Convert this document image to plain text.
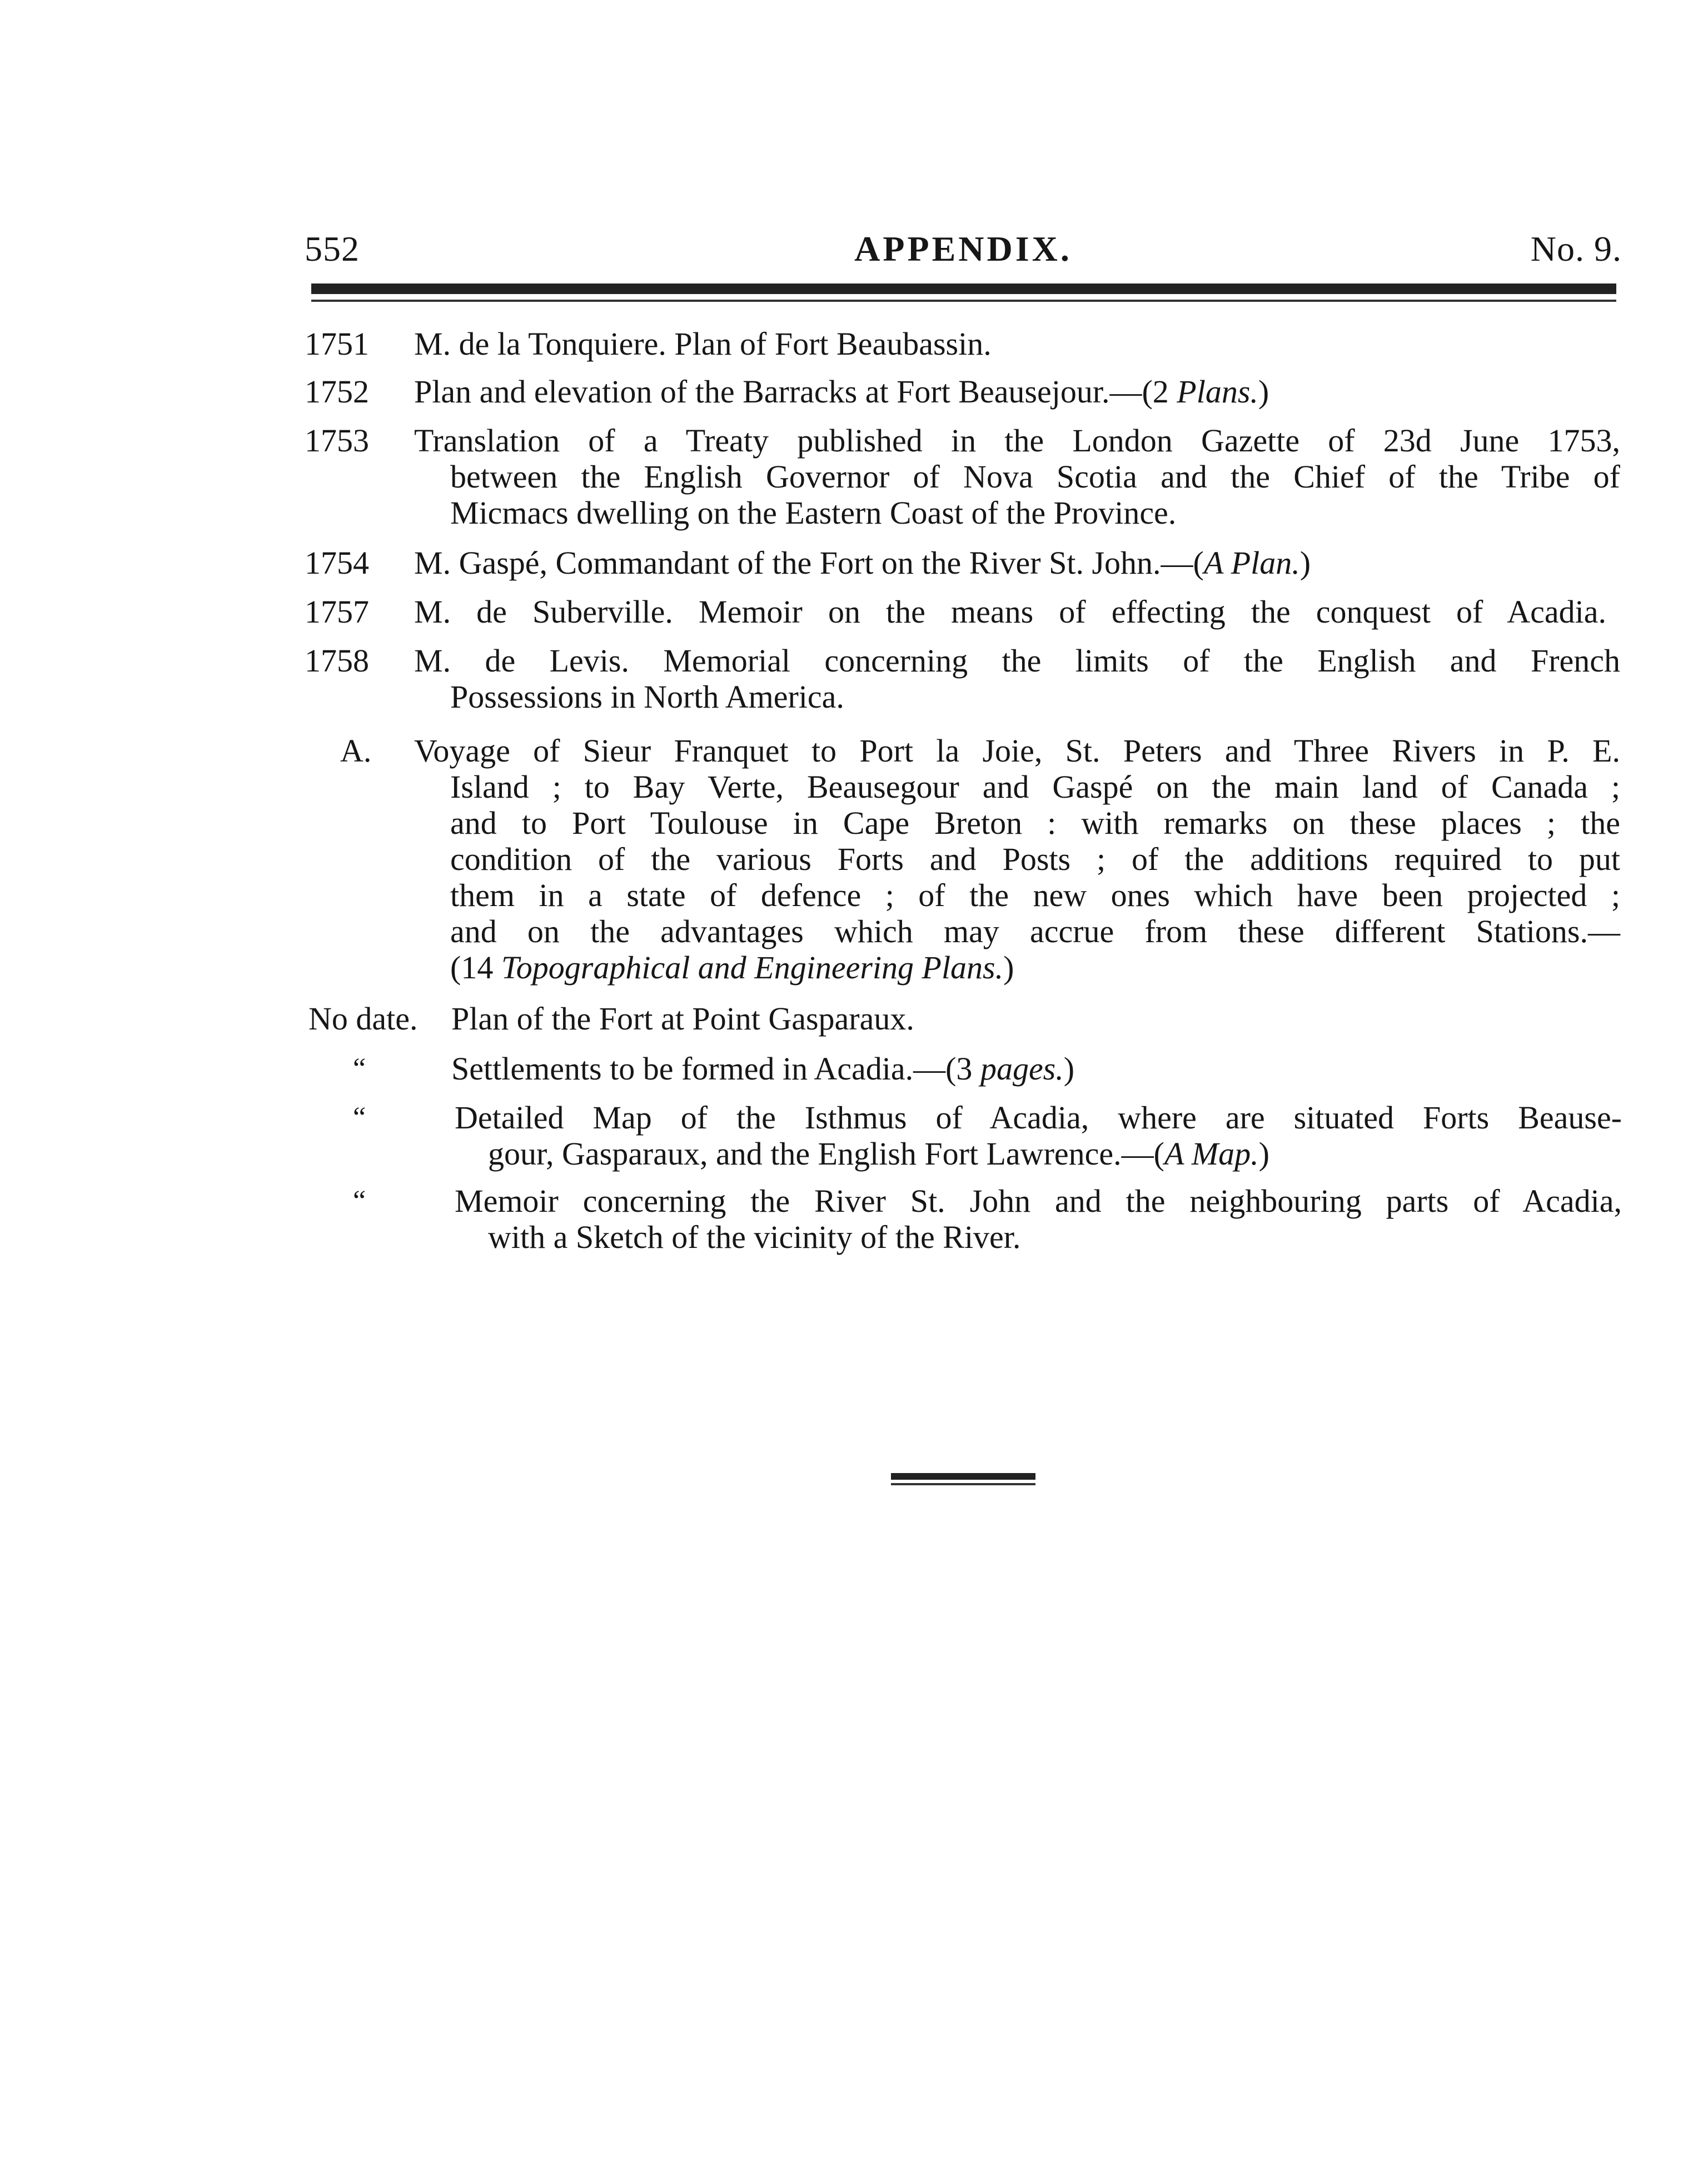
552	APPENDIX.	No. 9.
1751 M. de la Tonquiere. Plan of Fort Beaubassin.
1752 Plan and elevation of the Barracks at Fort Beausejour.—(2 Plans.)
1753 Translation of a Treaty published in the London Gazette of 23d June 1753,
between the English Governor of Nova Scotia and the Chief of the Tribe of
Micmacs dwelling on the Eastern Coast of the Province.
1754 M. Gaspé, Commandant of the Fort on the River St. John.—(A Plan.)
1757 M. de Suberville. Memoir on the means of effecting the conquest of Acadia.
1758 M. de Levis. Memorial concerning the limits of the English and French
Possessions in North America.
A. Voyage of Sieur Franquet to Port la Joie, St. Peters and Three Rivers in P. E.
Island ; to Bay Verte, Beausegour and Gaspé on the main land of Canada ;
and to Port Toulouse in Cape Breton : with remarks on these places ; the
condition of the various Forts and Posts ; of the additions required to put
them in a state of defence ; of the new ones which have been projected ;
and on the advantages which may accrue from these different Stations.—
(14 Topographical and Engineering Plans.)
No date. Plan of the Fort at Point Gasparaux.
“	Settlements to be formed in Acadia.—(3 pages.)
“	Detailed Map of the Isthmus of Acadia, where are situated Forts Beause-
gour, Gasparaux, and the English Fort Lawrence.—(A Map.)
“	Memoir concerning the River St. John and the neighbouring parts of Acadia,
with a Sketch of the vicinity of the River.
